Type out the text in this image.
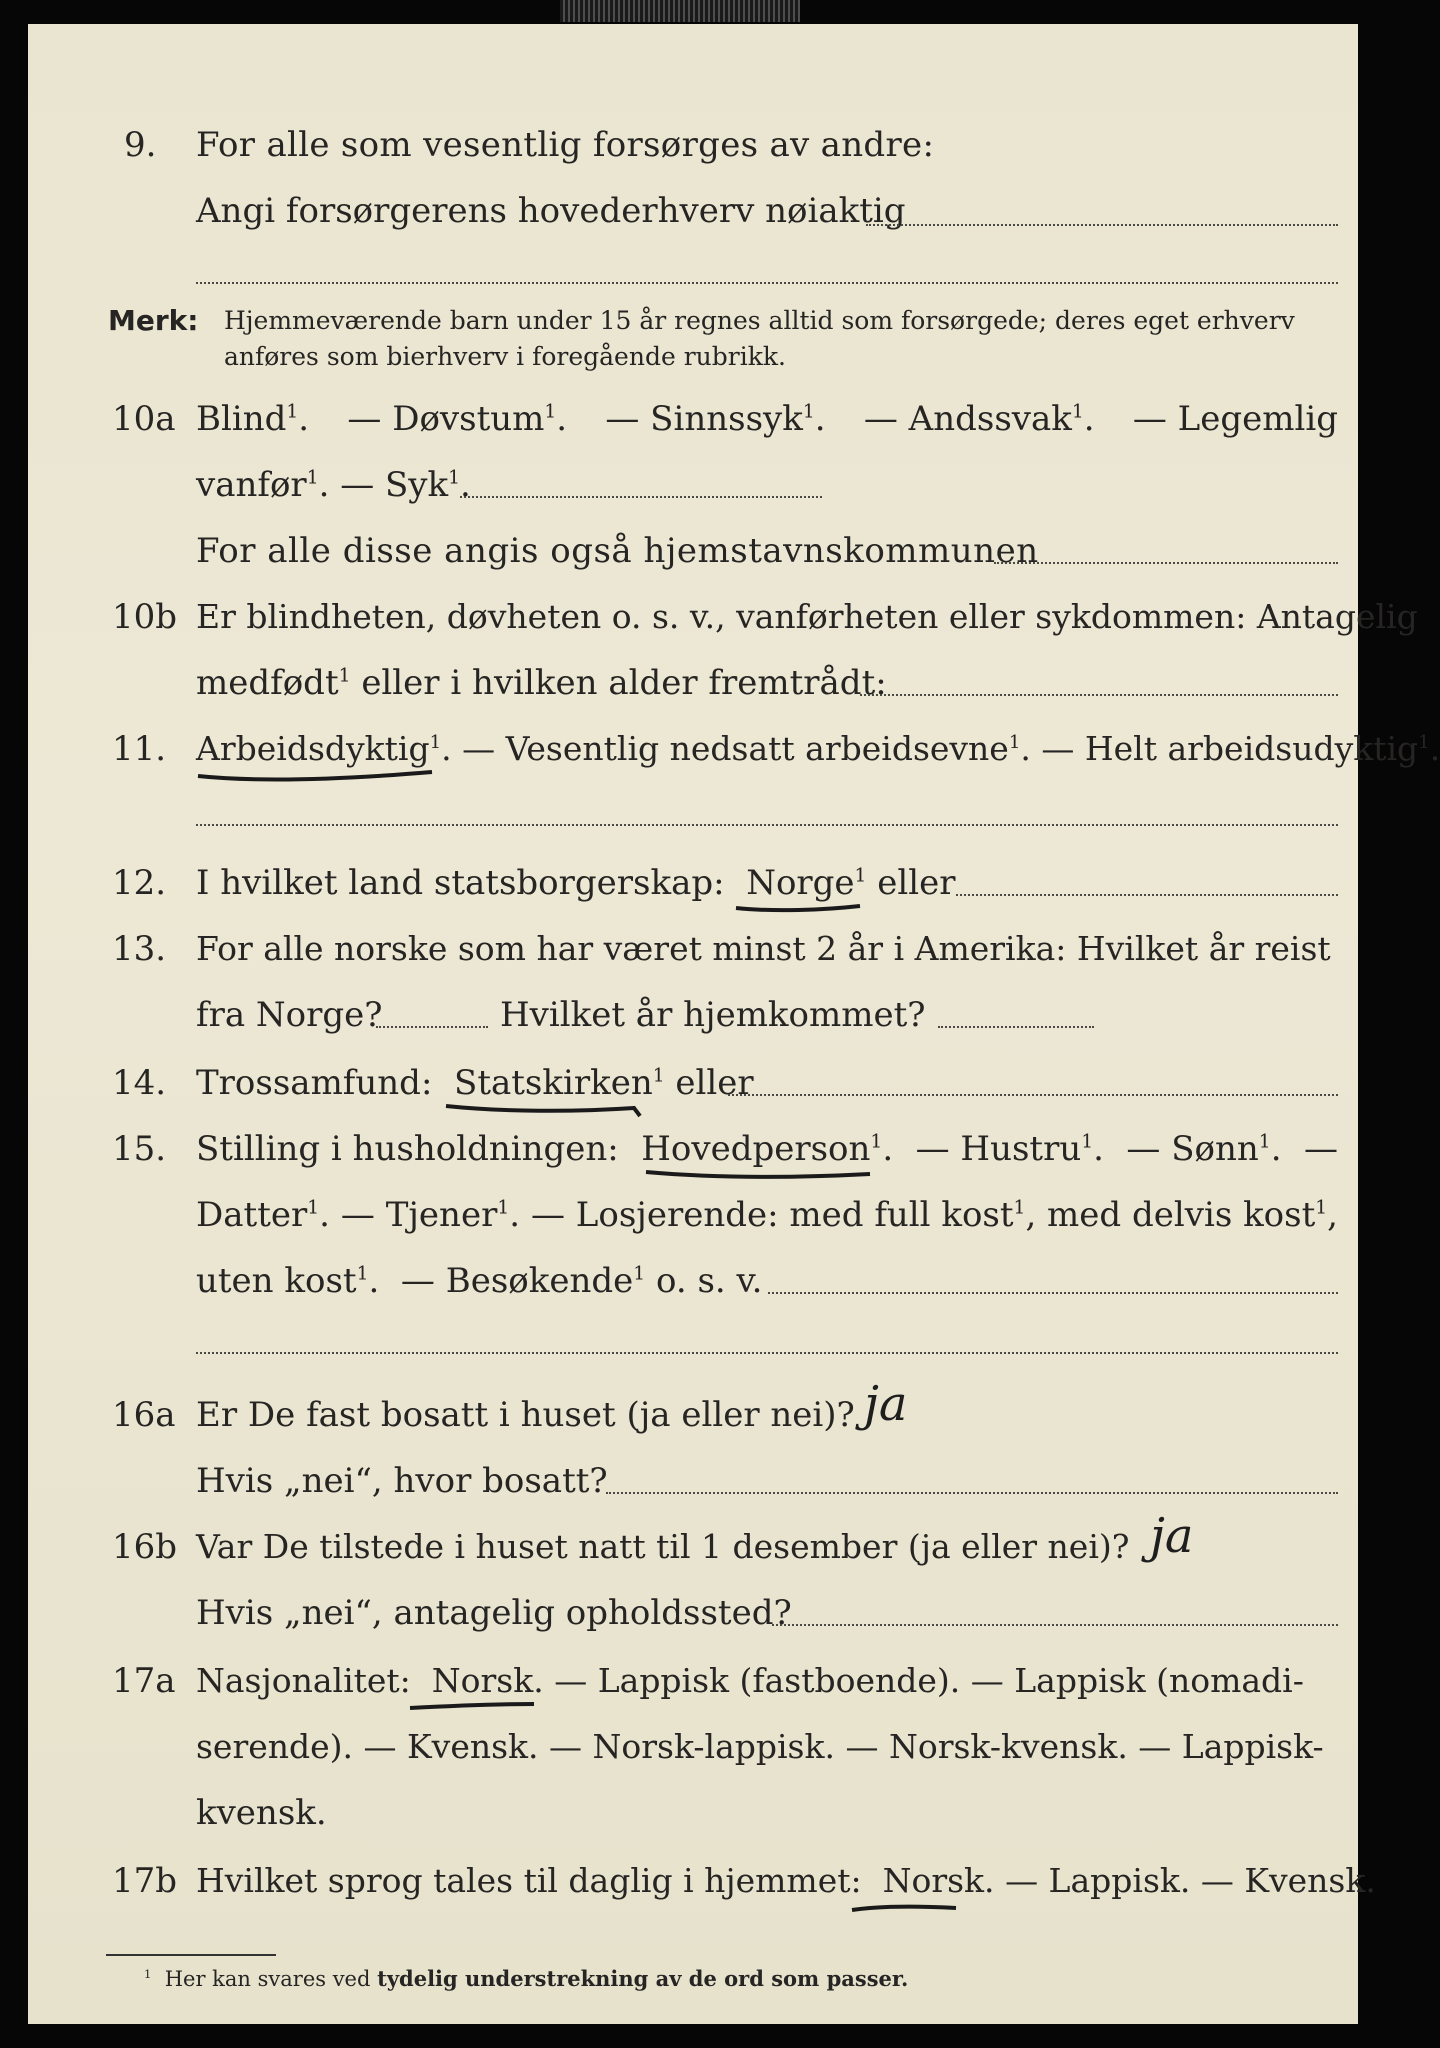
9. For alle som vesentlig forsørges av andre:
Angi forsørgerens hovederhverv nøiaktig
Merk: Hjemmeværende barn under 15 år regnes alltid som forsørgede; deres eget erhverv
anføres som bierhverv i foregående rubrikk.
10a Blind$^1$. — Døvstum$^1$. — Sinnssyk$^1$. — Andssvak$^1$. — Legemlig
vanfør$^1$. — Syk$^1$.
For alle disse angis også hjemstavnskommunen
10b Er blindheten, døvheten o. s. v., vanførheten eller sykdommen: Antagelig
medfødt$^1$ eller i hvilken alder fremtrådt:
11. Arbeidsdyktig$^1$. — Vesentlig nedsatt arbeidsevne$^1$. — Helt arbeidsudyktig$^1$.
12. I hvilket land statsborgerskap: Norge$^1$ eller
13. For alle norske som har været minst 2 år i Amerika: Hvilket år reist
fra Norge?	Hvilket år hjemkommet?
14. Trossamfund: Statskirken$^1$ eller
15. Stilling i husholdningen: Hovedperson$^1$. — Hustru$^1$. — Sønn$^1$. —
Datter$^1$. — Tjener$^1$. — Losjerende: med full kost$^1$, med delvis kost$^1$,
uten kost$^1$.  — Besøkende$^1$ o. s. v.
16a Er De fast bosatt i huset (ja eller nei)? ja
Hvis „nei“, hvor bosatt?
16b Var De tilstede i huset natt til 1 desember (ja eller nei)? ja
Hvis „nei“, antagelig opholdssted?
17a Nasjonalitet: Norsk. — Lappisk (fastboende). — Lappisk (nomadi-
serende). — Kvensk. — Norsk-lappisk. — Norsk-kvensk. — Lappisk-
kvensk.
17b Hvilket sprog tales til daglig i hjemmet: Norsk. — Lappisk. — Kvensk.
$^1$ Her kan svares ved tydelig understrekning av de ord som passer.
